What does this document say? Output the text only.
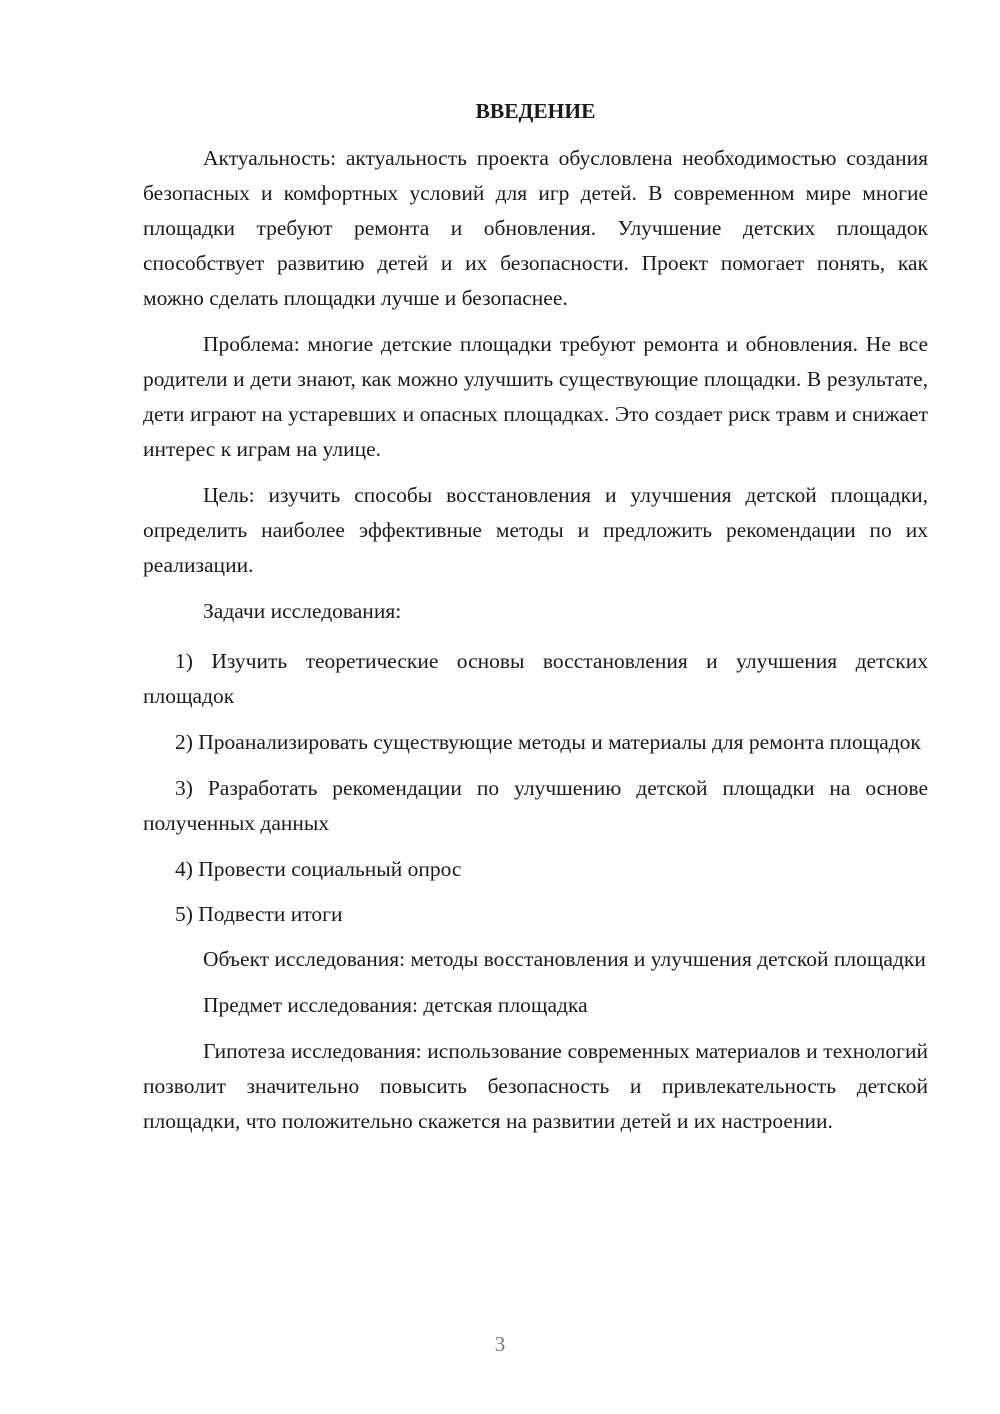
ВВЕДЕНИЕ

Актуальность: актуальность проекта обусловлена необходимостью создания безопасных и комфортных условий для игр детей. В современном мире многие площадки требуют ремонта и обновления. Улучшение детских площадок способствует развитию детей и их безопасности. Проект помогает понять, как можно сделать площадки лучше и безопаснее.

Проблема: многие детские площадки требуют ремонта и обновления. Не все родители и дети знают, как можно улучшить существующие площадки. В результате, дети играют на устаревших и опасных площадках. Это создает риск травм и снижает интерес к играм на улице.

Цель: изучить способы восстановления и улучшения детской площадки, определить наиболее эффективные методы и предложить рекомендации по их реализации.

Задачи исследования:

1) Изучить теоретические основы восстановления и улучшения детских площадок

2) Проанализировать существующие методы и материалы для ремонта площадок

3) Разработать рекомендации по улучшению детской площадки на основе полученных данных

4) Провести социальный опрос

5) Подвести итоги

Объект исследования: методы восстановления и улучшения детской площадки

Предмет исследования: детская площадка

Гипотеза исследования: использование современных материалов и технологий позволит значительно повысить безопасность и привлекательность детской площадки, что положительно скажется на развитии детей и их настроении.

3
